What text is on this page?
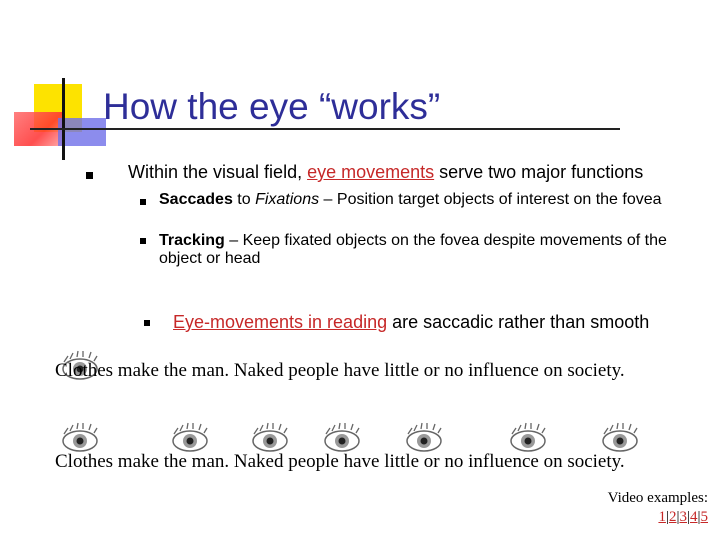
How the eye “works”
Within the visual field, eye movements serve two major functions
Saccades to Fixations – Position target objects of interest on the fovea
Tracking – Keep fixated objects on the fovea despite movements of the object or head
Eye-movements in reading are saccadic rather than smooth
Clothes make the man. Naked people have little or no influence on society.
Clothes make the man. Naked people have little or no influence on society.
Video examples:
1|2|3|4|5
